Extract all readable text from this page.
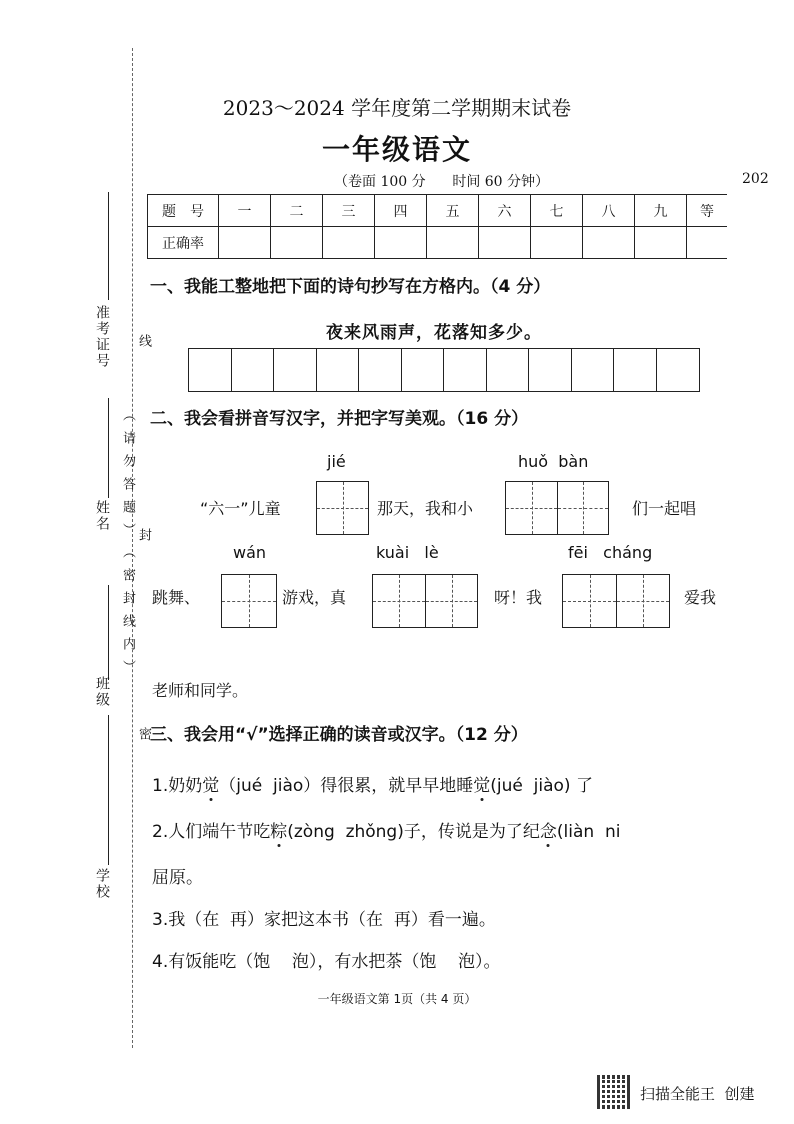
准考证号
姓名
班级
学校
（请勿答题）
（密封线内）
线
封
密
2023～2024 学年度第二学期期末试卷
一年级语文
（卷面 100 分      时间 60 分钟）	202
题　号	一	二	三	四	五	六	七	八	九	等
正确率										
一、我能工整地把下面的诗句抄写在方格内。（4 分）
夜来风雨声，花落知多少。
二、我会看拼音写汉字，并把字写美观。（16 分）
jié	huǒ  bàn
“六一”儿童	那天，我和小	们一起唱
wán	kuài   lè	fēi   cháng
跳舞、	游戏，真	呀！我	爱我
老师和同学。
三、我会用“√”选择正确的读音或汉字。（12 分）
1.奶奶觉（jué  jiào）得很累，就早早地睡觉(jué  jiào) 了
2.人们端午节吃粽(zòng  zhǒng)子，传说是为了纪念(liàn  ni
屈原。
3.我（在  再）家把这本书（在  再）看一遍。
4.有饭能吃（饱    泡），有水把茶（饱    泡）。
一年级语文第 1页（共 4 页）
扫描全能王  创建
